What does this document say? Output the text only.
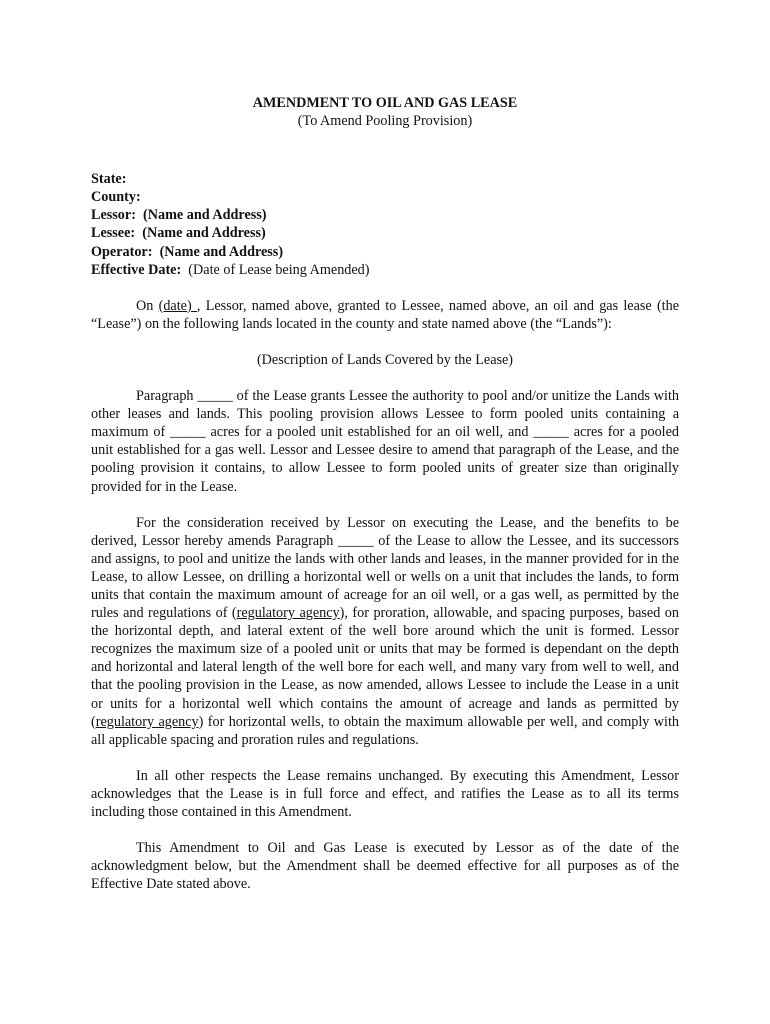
AMENDMENT TO OIL AND GAS LEASE

(To Amend Pooling Provision)

State:

County:

Lessor: (Name and Address)

Lessee: (Name and Address)

Operator: (Name and Address)

Effective Date: (Date of Lease being Amended)

On (date) , Lessor, named above, granted to Lessee, named above, an oil and gas lease (the “Lease”) on the following lands located in the county and state named above (the “Lands”):

(Description of Lands Covered by the Lease)

Paragraph _____ of the Lease grants Lessee the authority to pool and/or unitize the Lands with other leases and lands. This pooling provision allows Lessee to form pooled units containing a maximum of _____ acres for a pooled unit established for an oil well, and _____ acres for a pooled unit established for a gas well. Lessor and Lessee desire to amend that paragraph of the Lease, and the pooling provision it contains, to allow Lessee to form pooled units of greater size than originally provided for in the Lease.

For the consideration received by Lessor on executing the Lease, and the benefits to be derived, Lessor hereby amends Paragraph _____ of the Lease to allow the Lessee, and its successors and assigns, to pool and unitize the lands with other lands and leases, in the manner provided for in the Lease, to allow Lessee, on drilling a horizontal well or wells on a unit that includes the lands, to form units that contain the maximum amount of acreage for an oil well, or a gas well, as permitted by the rules and regulations of (regulatory agency), for proration, allowable, and spacing purposes, based on the horizontal depth, and lateral extent of the well bore around which the unit is formed. Lessor recognizes the maximum size of a pooled unit or units that may be formed is dependant on the depth and horizontal and lateral length of the well bore for each well, and many vary from well to well, and that the pooling provision in the Lease, as now amended, allows Lessee to include the Lease in a unit or units for a horizontal well which contains the amount of acreage and lands as permitted by (regulatory agency) for horizontal wells, to obtain the maximum allowable per well, and comply with all applicable spacing and proration rules and regulations.

In all other respects the Lease remains unchanged. By executing this Amendment, Lessor acknowledges that the Lease is in full force and effect, and ratifies the Lease as to all its terms including those contained in this Amendment.

This Amendment to Oil and Gas Lease is executed by Lessor as of the date of the acknowledgment below, but the Amendment shall be deemed effective for all purposes as of the Effective Date stated above.
